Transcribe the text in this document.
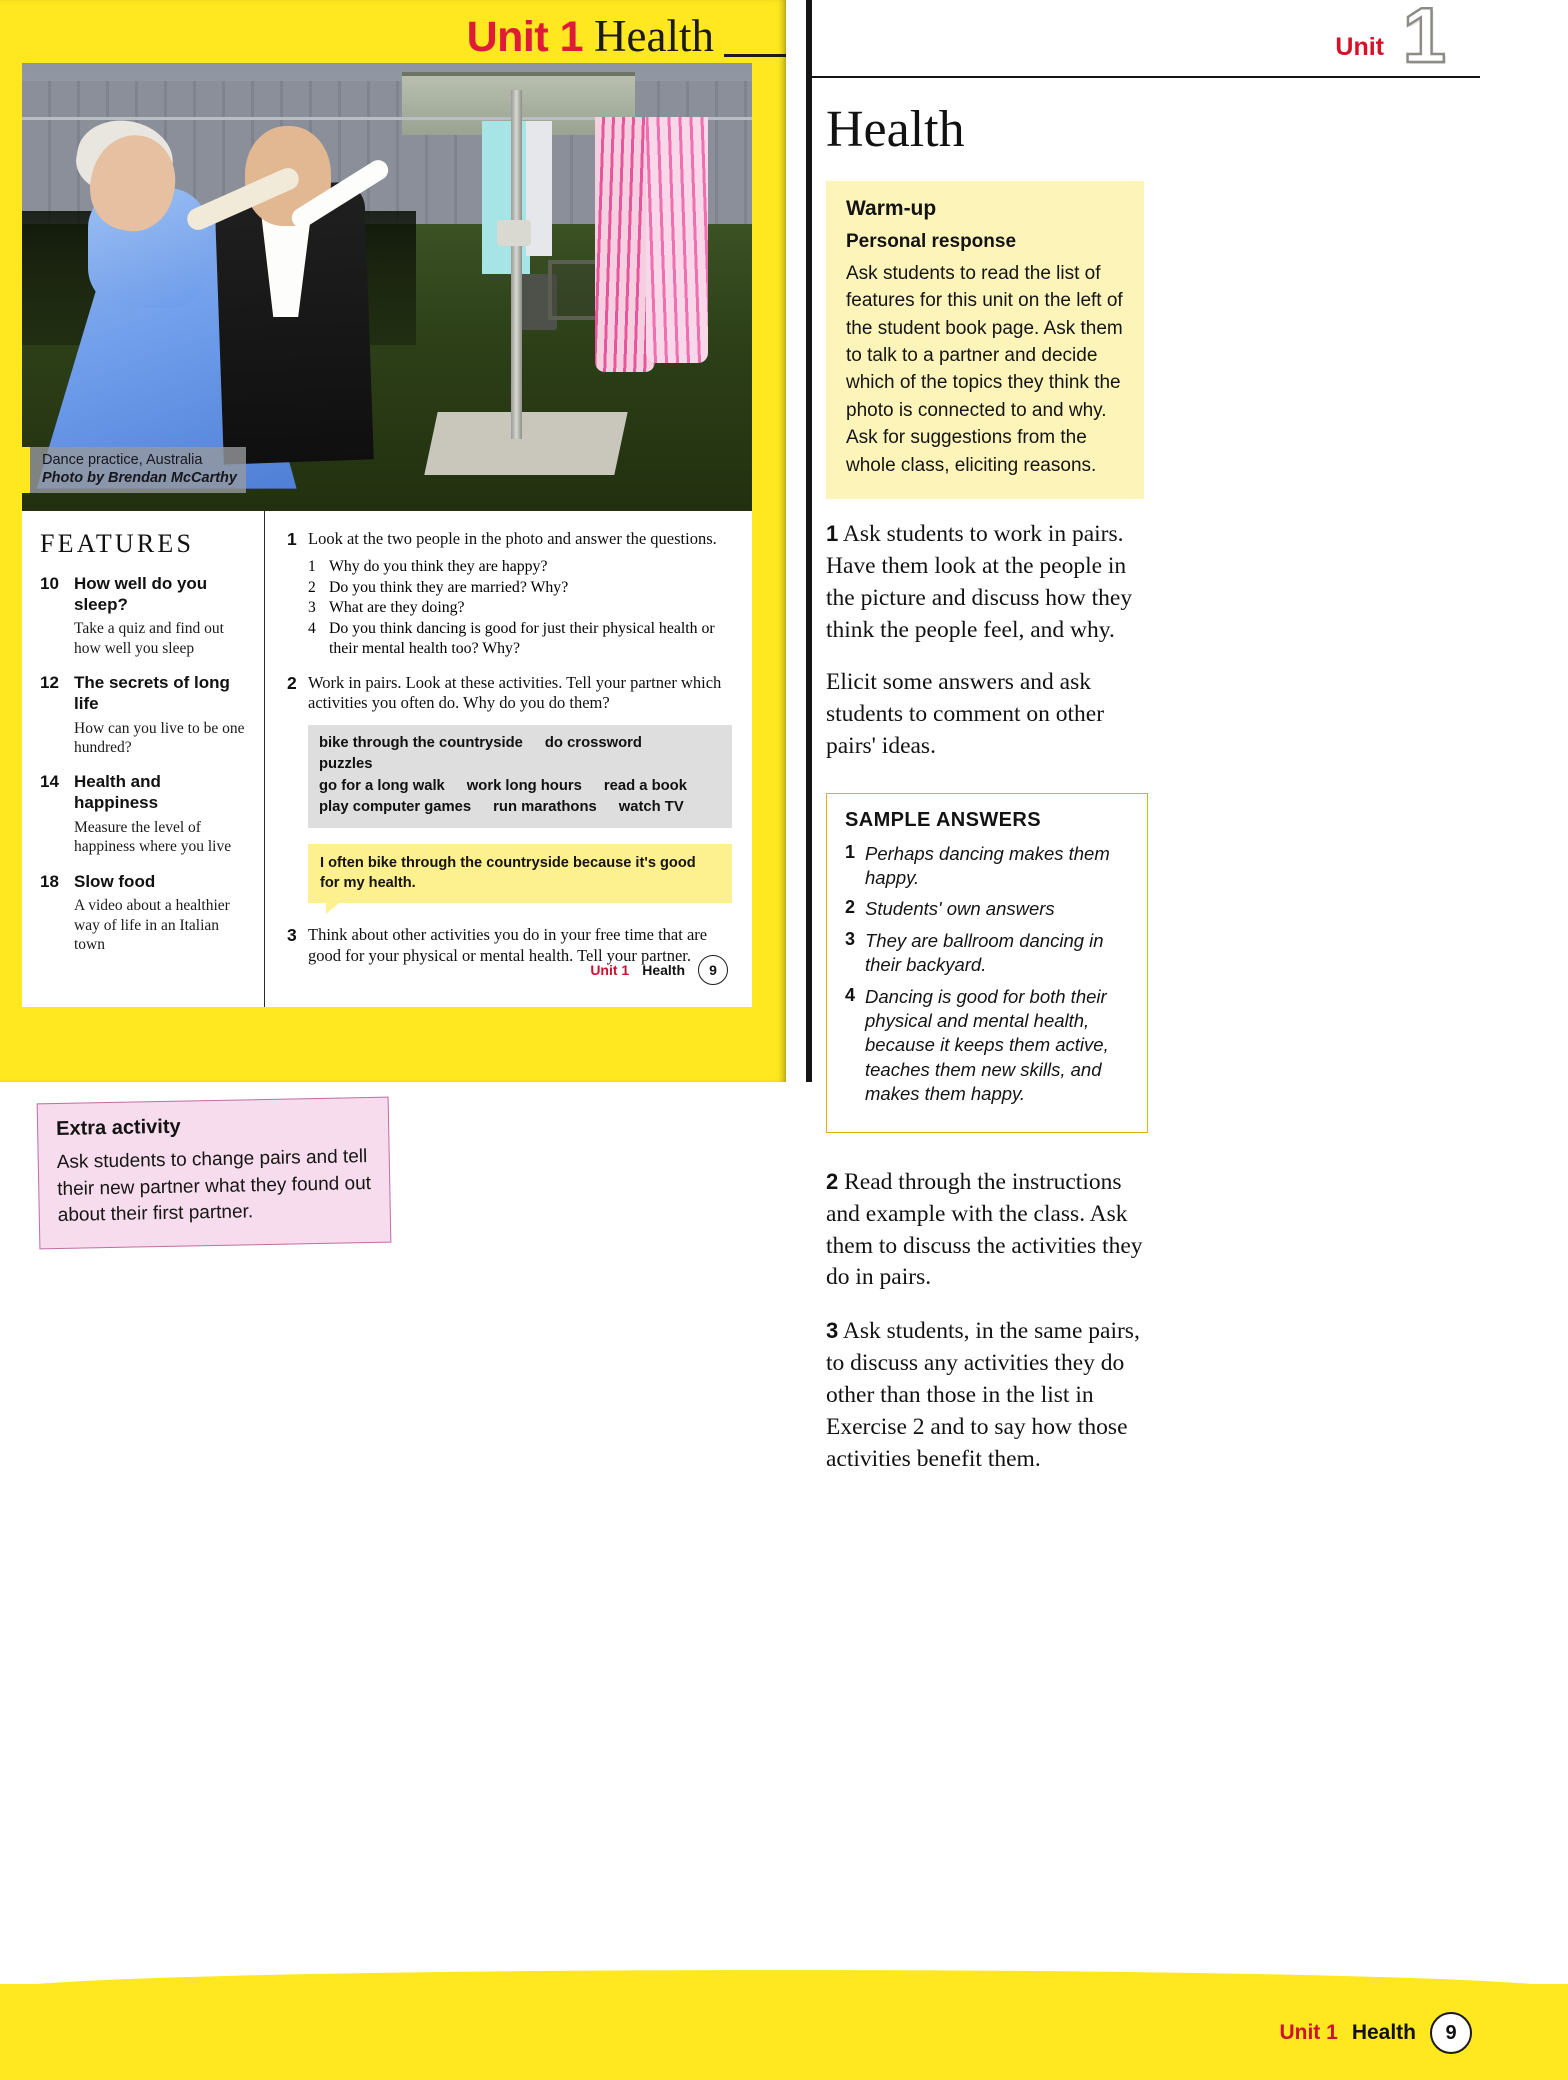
Unit 1 Health
Dance practice, Australia
Photo by Brendan McCarthy
FEATURES
10 How well do you sleep?
Take a quiz and find out how well you sleep
12 The secrets of long life
How can you live to be one hundred?
14 Health and happiness
Measure the level of happiness where you live
18 Slow food
A video about a healthier way of life in an Italian town
1 Look at the two people in the photo and answer the questions.
1 Why do you think they are happy?
2 Do you think they are married? Why?
3 What are they doing?
4 Do you think dancing is good for just their physical health or their mental health too? Why?
2 Work in pairs. Look at these activities. Tell your partner which activities you often do. Why do you do them?
bike through the countryside do crossword puzzles
go for a long walk work long hours read a book
play computer games run marathons watch TV
I often bike through the countryside because it's good for my health.
3 Think about other activities you do in your free time that are good for your physical or mental health. Tell your partner.
Unit 1 Health	9
Unit 1
Health
Warm-up
Personal response
Ask students to read the list of features for this unit on the left of the student book page. Ask them to talk to a partner and decide which of the topics they think the photo is connected to and why. Ask for suggestions from the whole class, eliciting reasons.
1 Ask students to work in pairs. Have them look at the people in the picture and discuss how they think the people feel, and why.
Elicit some answers and ask students to comment on other pairs' ideas.
SAMPLE ANSWERS
1 Perhaps dancing makes them happy.
2 Students' own answers
3 They are ballroom dancing in their backyard.
4 Dancing is good for both their physical and mental health, because it keeps them active, teaches them new skills, and makes them happy.
2 Read through the instructions and example with the class. Ask them to discuss the activities they do in pairs.
3 Ask students, in the same pairs, to discuss any activities they do other than those in the list in Exercise 2 and to say how those activities benefit them.
Extra activity
Ask students to change pairs and tell their new partner what they found out about their first partner.
Unit 1 Health	9
